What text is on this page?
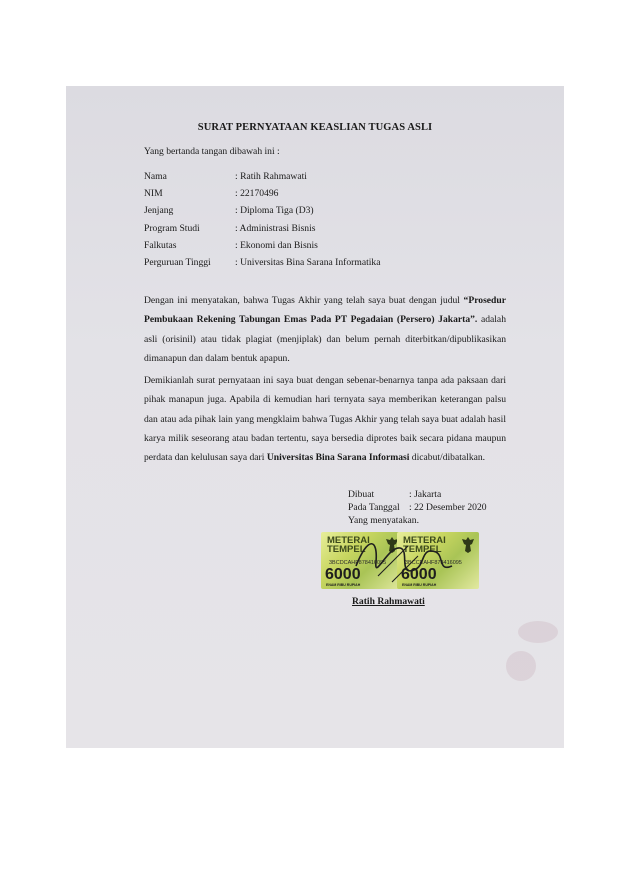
SURAT PERNYATAAN KEASLIAN TUGAS ASLI
Yang bertanda tangan dibawah ini :
Nama	: Ratih Rahmawati
NIM	: 22170496
Jenjang	: Diploma Tiga (D3)
Program Studi	: Administrasi Bisnis
Falkutas	: Ekonomi dan Bisnis
Perguruan Tinggi	: Universitas Bina Sarana Informatika

Dengan ini menyatakan, bahwa Tugas Akhir yang telah saya buat dengan judul “Prosedur Pembukaan Rekening Tabungan Emas Pada PT Pegadaian (Persero) Jakarta”. adalah asli (orisinil) atau tidak plagiat (menjiplak) dan belum pernah diterbitkan/dipublikasikan dimanapun dan dalam bentuk apapun.

Demikianlah surat pernyataan ini saya buat dengan sebenar-benarnya tanpa ada paksaan dari pihak manapun juga. Apabila di kemudian hari ternyata saya memberikan keterangan palsu dan atau ada pihak lain yang mengklaim bahwa Tugas Akhir yang telah saya buat adalah hasil karya milik seseorang atau badan tertentu, saya bersedia diprotes baik secara pidana maupun perdata dan kelulusan saya dari Universitas Bina Sarana Informasi dicabut/dibatalkan.

Dibuat	: Jakarta
Pada Tanggal : 22 Desember 2020
Yang menyatakan.
METERAI
TEMPEL
3BCDCAHF878416095
6000
ENAM RIBU RUPIAH
METERAI
TEMPEL
3BCCEAHF878416095
6000
ENAM RIBU RUPIAH
Ratih Rahmawati
